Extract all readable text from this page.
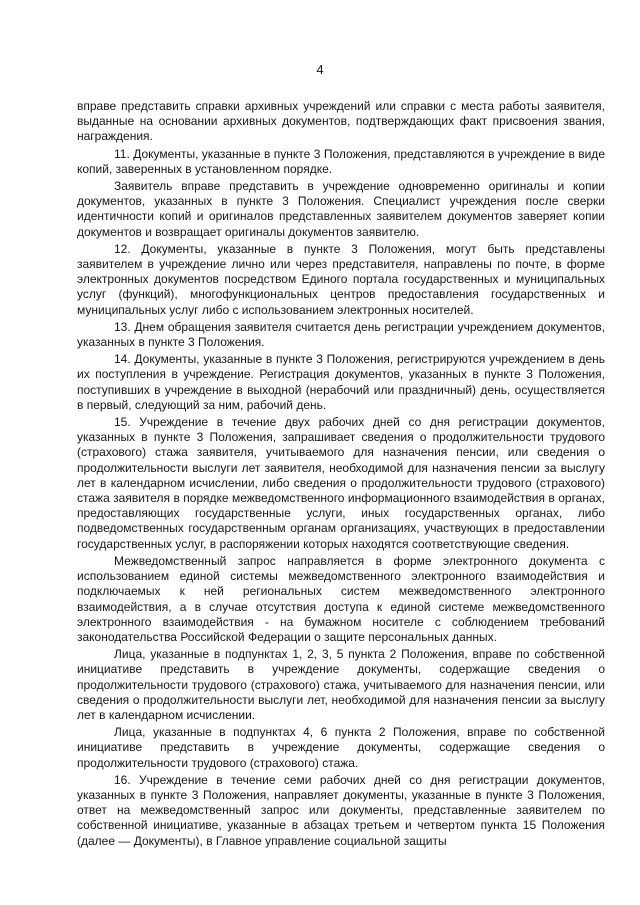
4

вправе представить справки архивных учреждений или справки с места работы заявителя, выданные на основании архивных документов, подтверждающих факт присвоения звания, награждения.

11. Документы, указанные в пункте 3 Положения, представляются в учреждение в виде копий, заверенных в установленном порядке.

Заявитель вправе представить в учреждение одновременно оригиналы и копии документов, указанных в пункте 3 Положения. Специалист учреждения после сверки идентичности копий и оригиналов представленных заявителем документов заверяет копии документов и возвращает оригиналы документов заявителю.

12. Документы, указанные в пункте 3 Положения, могут быть представлены заявителем в учреждение лично или через представителя, направлены по почте, в форме электронных документов посредством Единого портала государственных и муниципальных услуг (функций), многофункциональных центров предоставления государственных и муниципальных услуг либо с использованием электронных носителей.

13. Днем обращения заявителя считается день регистрации учреждением документов, указанных в пункте 3 Положения.

14. Документы, указанные в пункте 3 Положения, регистрируются учреждением в день их поступления в учреждение. Регистрация документов, указанных в пункте 3 Положения, поступивших в учреждение в выходной (нерабочий или праздничный) день, осуществляется в первый, следующий за ним, рабочий день.

15. Учреждение в течение двух рабочих дней со дня регистрации документов, указанных в пункте 3 Положения, запрашивает сведения о продолжительности трудового (страхового) стажа заявителя, учитываемого для назначения пенсии, или сведения о продолжительности выслуги лет заявителя, необходимой для назначения пенсии за выслугу лет в календарном исчислении, либо сведения о продолжительности трудового (страхового) стажа заявителя в порядке межведомственного информационного взаимодействия в органах, предоставляющих государственные услуги, иных государственных органах, либо подведомственных государственным органам организациях, участвующих в предоставлении государственных услуг, в распоряжении которых находятся соответствующие сведения.

Межведомственный запрос направляется в форме электронного документа с использованием единой системы межведомственного электронного взаимодействия и подключаемых к ней региональных систем межведомственного электронного взаимодействия, а в случае отсутствия доступа к единой системе межведомственного электронного взаимодействия - на бумажном носителе с соблюдением требований законодательства Российской Федерации о защите персональных данных.

Лица, указанные в подпунктах 1, 2, 3, 5 пункта 2 Положения, вправе по собственной инициативе представить в учреждение документы, содержащие сведения о продолжительности трудового (страхового) стажа, учитываемого для назначения пенсии, или сведения о продолжительности выслуги лет, необходимой для назначения пенсии за выслугу лет в календарном исчислении.

Лица, указанные в подпунктах 4, 6 пункта 2 Положения, вправе по собственной инициативе представить в учреждение документы, содержащие сведения о продолжительности трудового (страхового) стажа.

16. Учреждение в течение семи рабочих дней со дня регистрации документов, указанных в пункте 3 Положения, направляет документы, указанные в пункте 3 Положения, ответ на межведомственный запрос или документы, представленные заявителем по собственной инициативе, указанные в абзацах третьем и четвертом пункта 15 Положения (далее — Документы), в Главное управление социальной защиты
